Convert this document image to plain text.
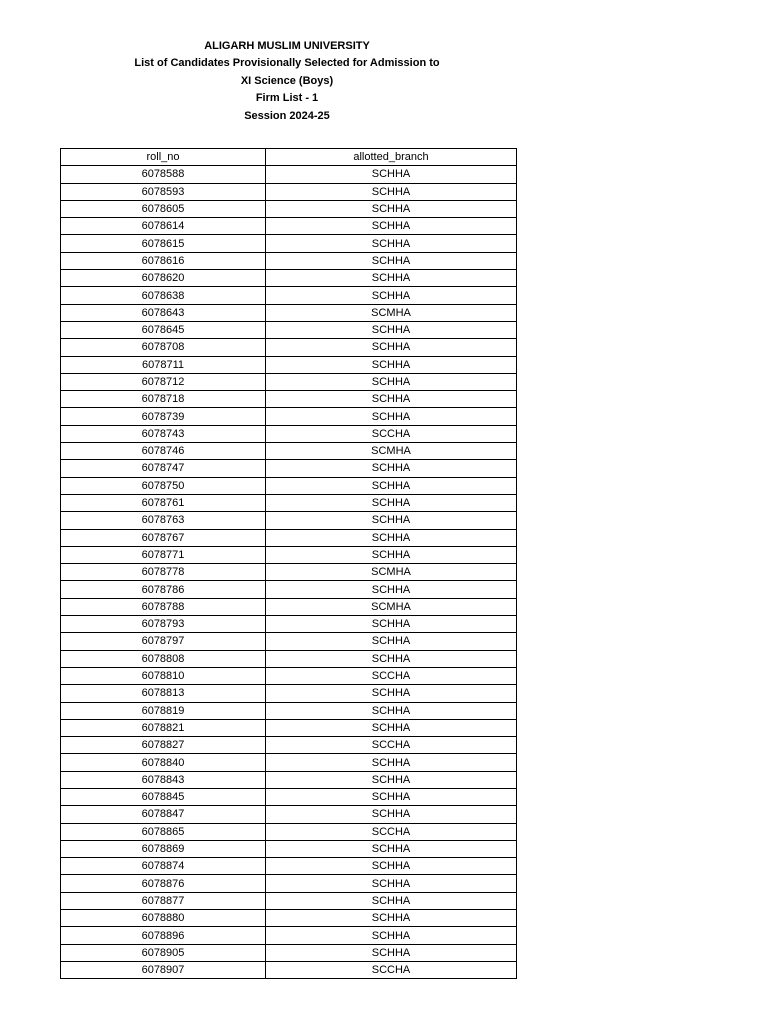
ALIGARH MUSLIM UNIVERSITY
List of Candidates Provisionally Selected for Admission to
XI Science (Boys)
Firm List - 1
Session 2024-25
roll_no	allotted_branch
6078588	SCHHA
6078593	SCHHA
6078605	SCHHA
6078614	SCHHA
6078615	SCHHA
6078616	SCHHA
6078620	SCHHA
6078638	SCHHA
6078643	SCMHA
6078645	SCHHA
6078708	SCHHA
6078711	SCHHA
6078712	SCHHA
6078718	SCHHA
6078739	SCHHA
6078743	SCCHA
6078746	SCMHA
6078747	SCHHA
6078750	SCHHA
6078761	SCHHA
6078763	SCHHA
6078767	SCHHA
6078771	SCHHA
6078778	SCMHA
6078786	SCHHA
6078788	SCMHA
6078793	SCHHA
6078797	SCHHA
6078808	SCHHA
6078810	SCCHA
6078813	SCHHA
6078819	SCHHA
6078821	SCHHA
6078827	SCCHA
6078840	SCHHA
6078843	SCHHA
6078845	SCHHA
6078847	SCHHA
6078865	SCCHA
6078869	SCHHA
6078874	SCHHA
6078876	SCHHA
6078877	SCHHA
6078880	SCHHA
6078896	SCHHA
6078905	SCHHA
6078907	SCCHA
